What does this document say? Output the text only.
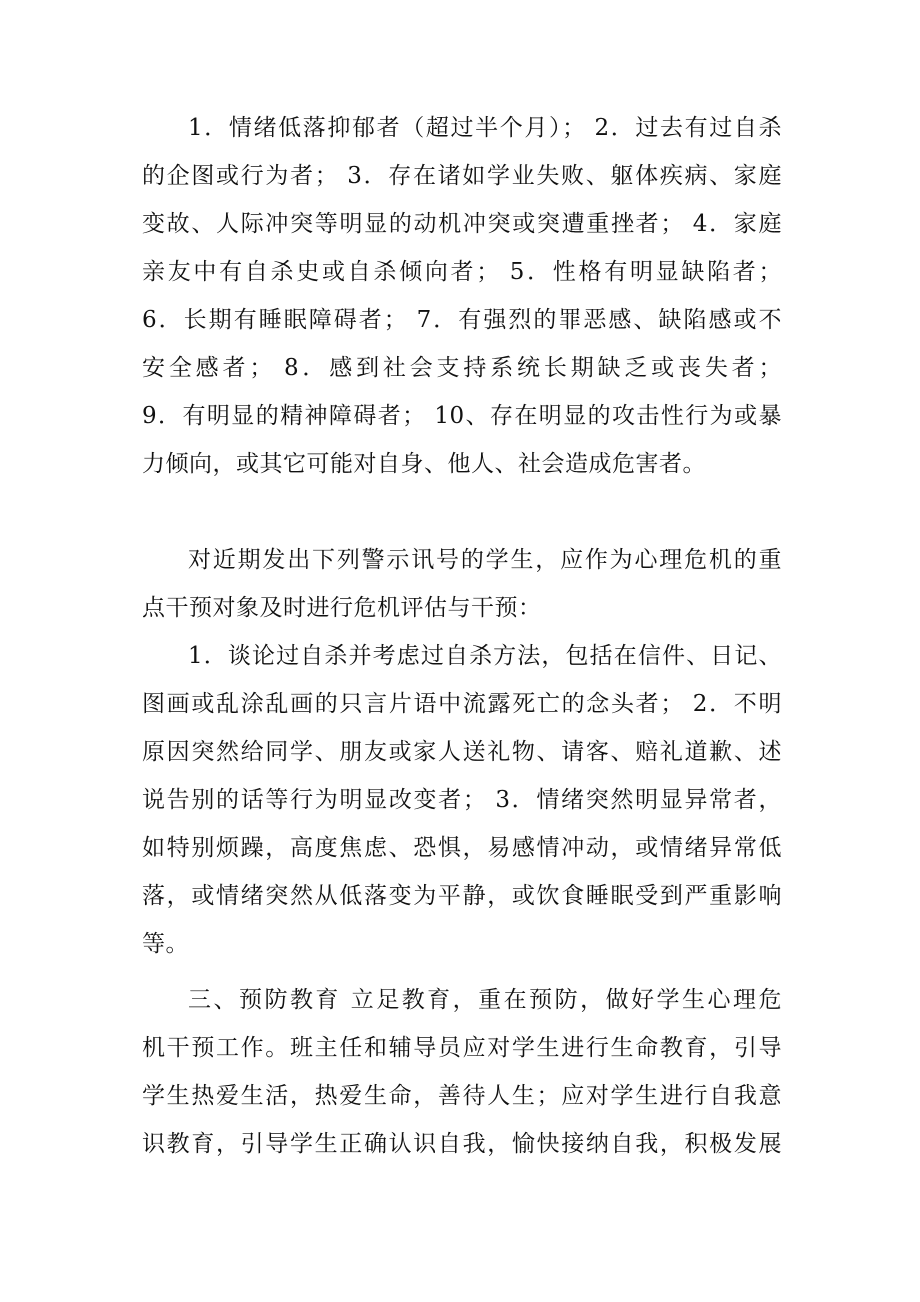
1．情绪低落抑郁者（超过半个月）； 2．过去有过自杀
的企图或行为者； 3．存在诸如学业失败、躯体疾病、家庭
变故、人际冲突等明显的动机冲突或突遭重挫者； 4．家庭
亲友中有自杀史或自杀倾向者； 5．性格有明显缺陷者；
6．长期有睡眠障碍者； 7．有强烈的罪恶感、缺陷感或不
安全感者； 8．感到社会支持系统长期缺乏或丧失者；
9．有明显的精神障碍者； 10、存在明显的攻击性行为或暴
力倾向，或其它可能对自身、他人、社会造成危害者。
对近期发出下列警示讯号的学生，应作为心理危机的重
点干预对象及时进行危机评估与干预：
1．谈论过自杀并考虑过自杀方法，包括在信件、日记、
图画或乱涂乱画的只言片语中流露死亡的念头者； 2．不明
原因突然给同学、朋友或家人送礼物、请客、赔礼道歉、述
说告别的话等行为明显改变者； 3．情绪突然明显异常者，
如特别烦躁，高度焦虑、恐惧，易感情冲动，或情绪异常低
落，或情绪突然从低落变为平静，或饮食睡眠受到严重影响
等。
三、预防教育 立足教育，重在预防，做好学生心理危
机干预工作。班主任和辅导员应对学生进行生命教育，引导
学生热爱生活，热爱生命，善待人生；应对学生进行自我意
识教育，引导学生正确认识自我，愉快接纳自我，积极发展
